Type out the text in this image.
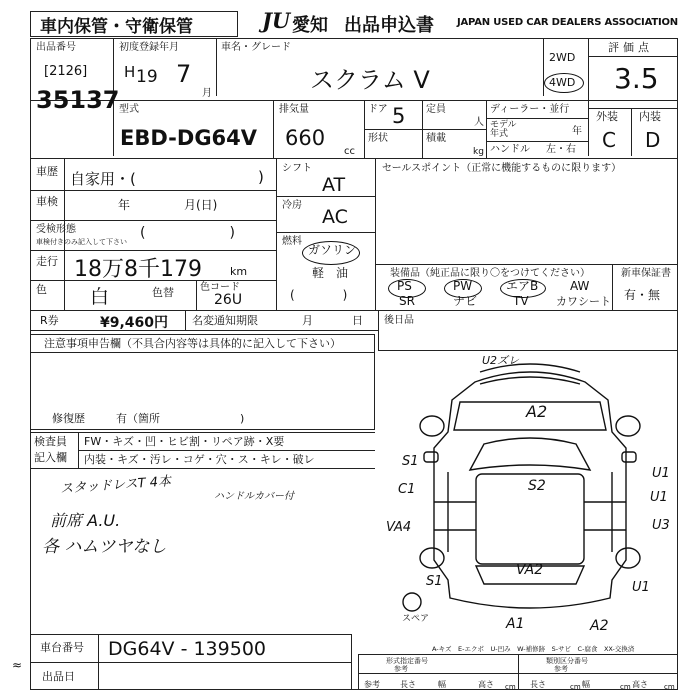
車内保管・守衛保管	JU 愛知 出品申込書 JAPAN USED CAR DEALERS ASSOCIATION
出品番号
[2126]
35137
初度登録年月
H 19 7
月
車名・グレード
スクラム V
2WD
4WD
評価点
3.5
外装 内装
C D
型式
EBD-DG64V
排気量
660
cc
ドア 5
形状
定員
人
積載
kg
ディーラー・並行
モデル年式	年
ハンドル 左・右
車歴 自家用・(	)
車検	年	月(日)
受検形態
車検付きのみ記入して下さい
(　　　　　　)
走行 18万8千179	km
色 白	色替	色コード
26U
シフト
AT
冷房
AC
燃料
ガソリン
軽　油
(　　　　)
セールスポイント（正常に機能するものに限ります）
装備品（純正品に限り〇をつけてください）
PS	PW	エアB	AW
SR	ナビ	TV カワシート
新車保証書
有・無
R券	¥9,460円 名変通知期限	月	日 後日品
注意事項申告欄（不具合内容等は具体的に記入して下さい）
修復歴	有（箇所	)
検査員
記入欄
FW・キズ・凹・ヒビ割・リペア跡・X要
内装・キズ・汚レ・コゲ・穴・ス・キレ・破レ
スタッドレスT 4本	ハンドルカバー付
前席 A.U.
各 ハムツヤなし
U2ズレ
A2
S1
S2
U1
C1
U1
VA4	U3
VA2
S1	U1
A1	A2
スペア
A-キズ　E-エクボ　U-凹み　W-補修跡　S-サビ　C-腐食　XX-交換済
車台番号 DG64V - 139500
出品日
形式指定番号
参考
類別区分番号
参考
参考	長さ	幅	高さ cm 長さ	cm 幅	cm 高さ cm
≈
